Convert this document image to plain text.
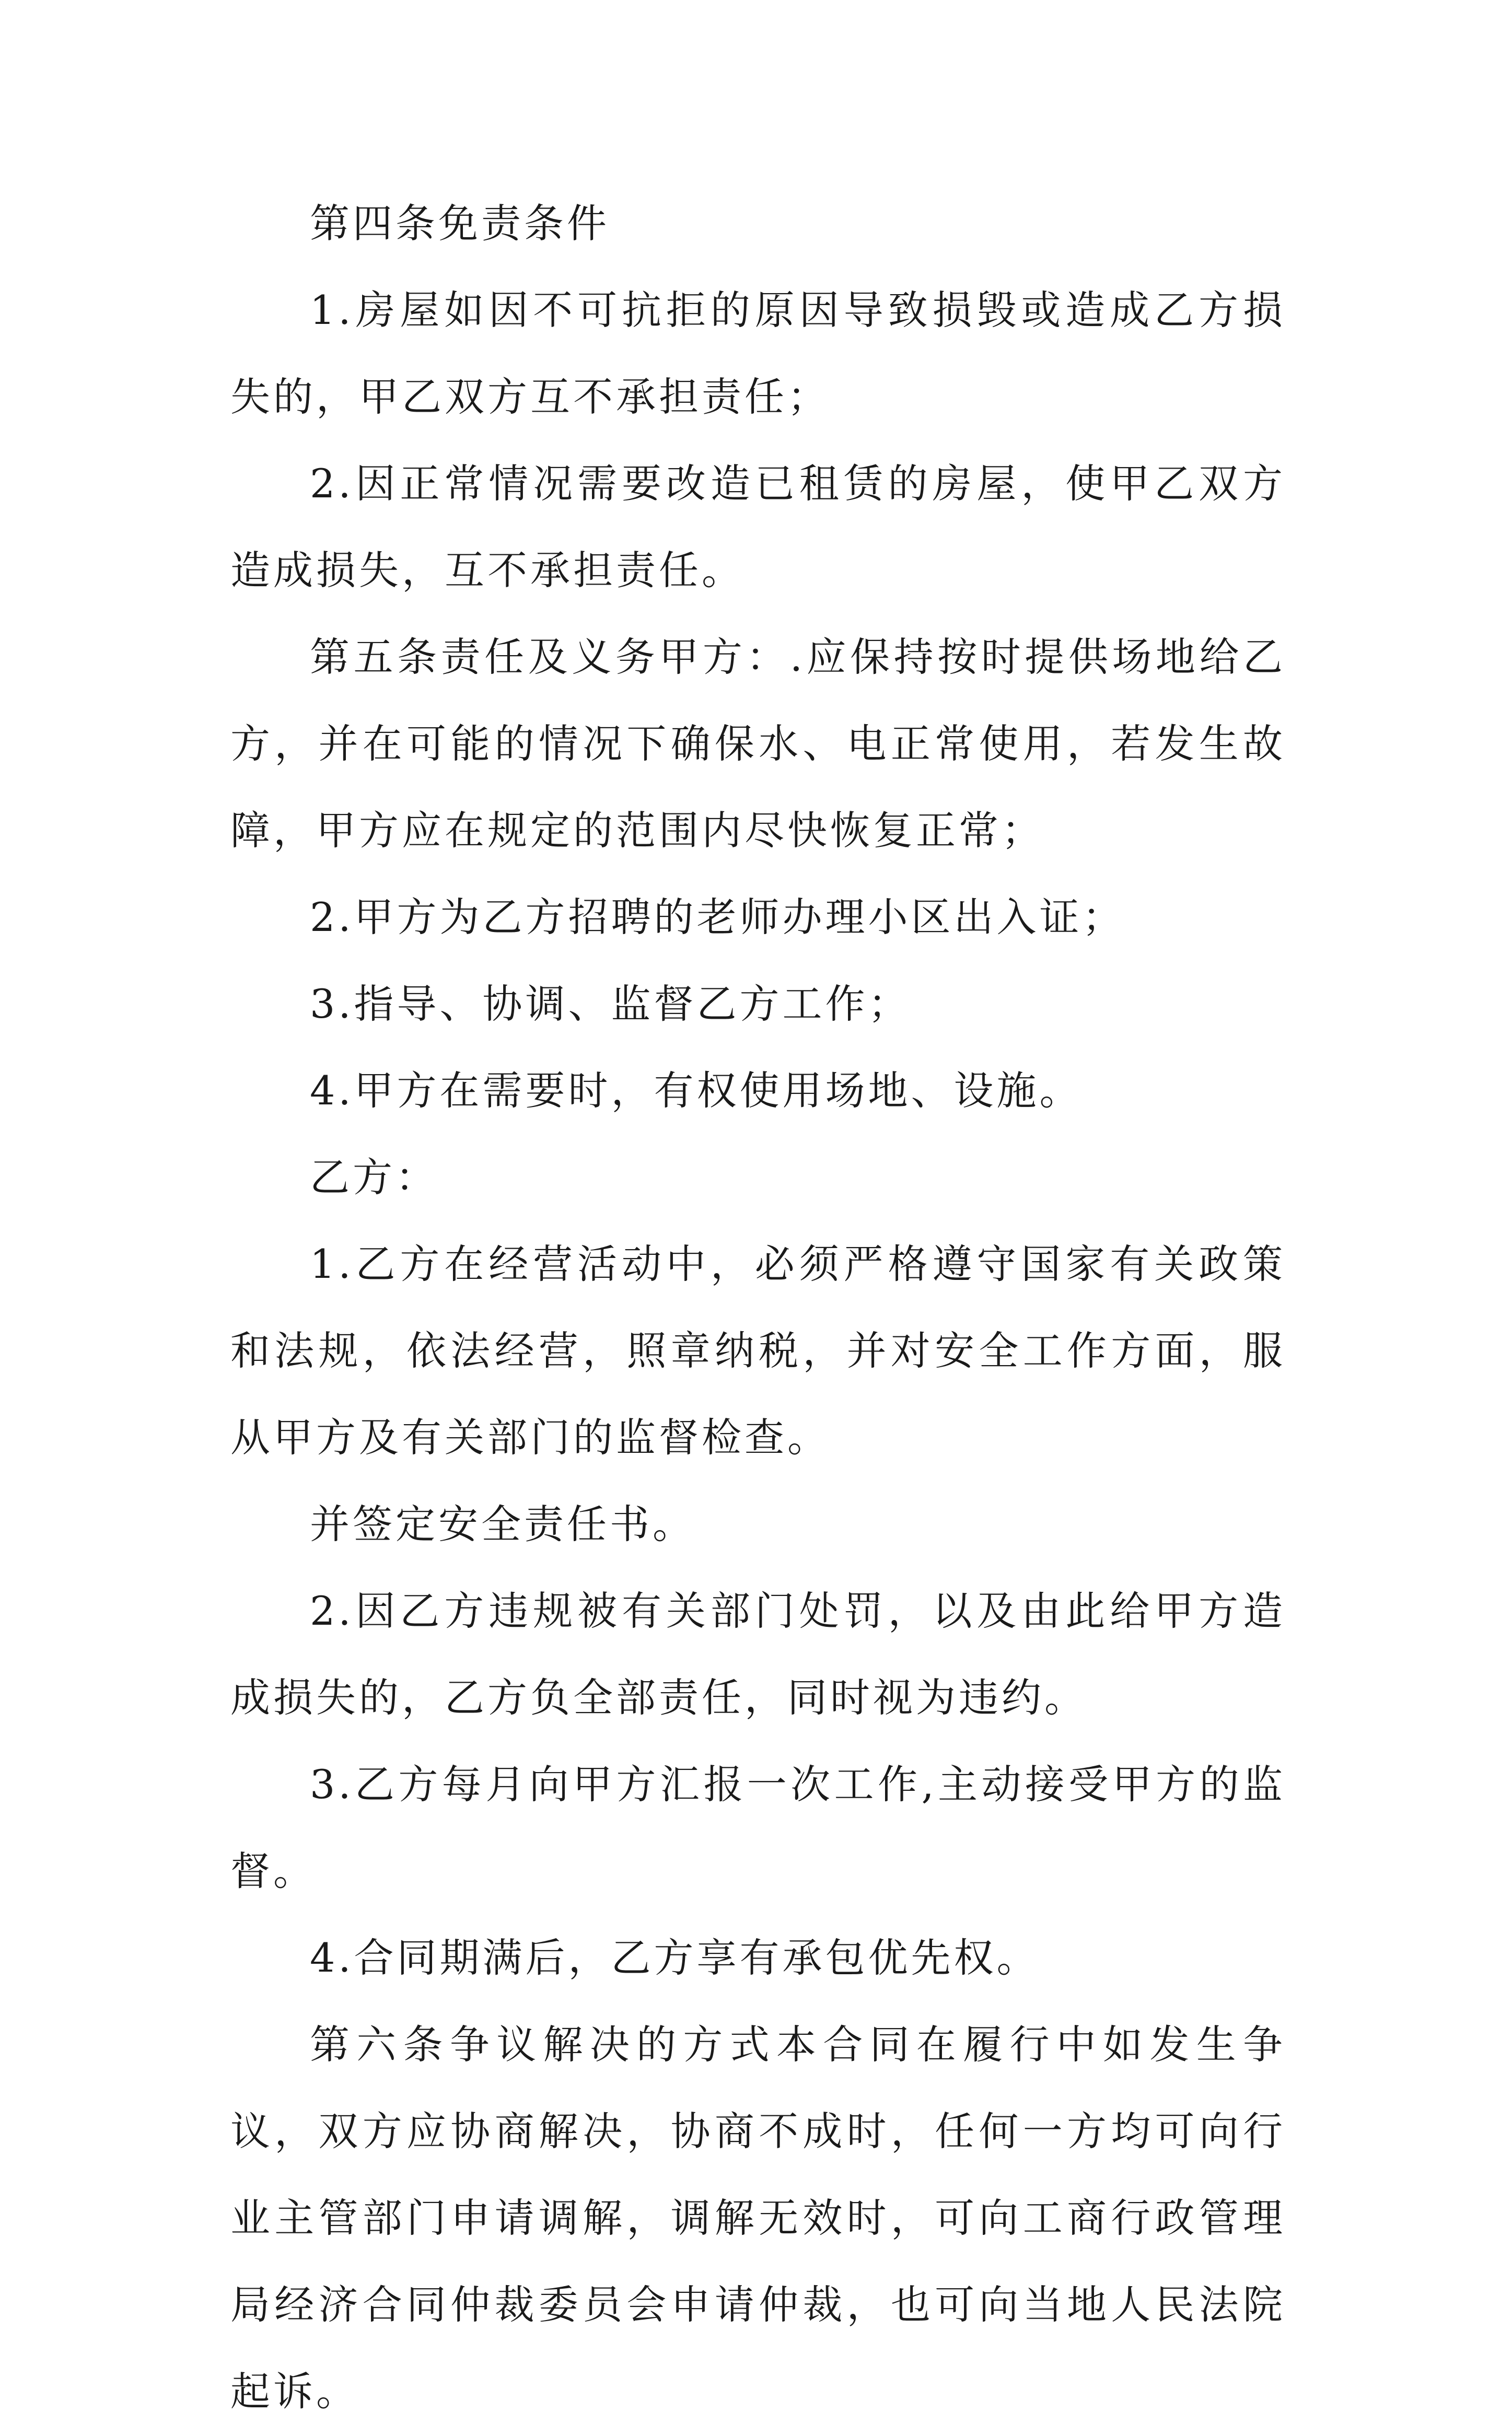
第四条免责条件

1.房屋如因不可抗拒的原因导致损毁或造成乙方损失的，甲乙双方互不承担责任；

2.因正常情况需要改造已租赁的房屋，使甲乙双方造成损失，互不承担责任。

第五条责任及义务甲方：.应保持按时提供场地给乙方，并在可能的情况下确保水、电正常使用，若发生故障，甲方应在规定的范围内尽快恢复正常；

2.甲方为乙方招聘的老师办理小区出入证；

3.指导、协调、监督乙方工作；

4.甲方在需要时，有权使用场地、设施。

乙方：

1.乙方在经营活动中，必须严格遵守国家有关政策和法规，依法经营，照章纳税，并对安全工作方面，服从甲方及有关部门的监督检查。

并签定安全责任书。

2.因乙方违规被有关部门处罚，以及由此给甲方造成损失的，乙方负全部责任，同时视为违约。

3.乙方每月向甲方汇报一次工作,主动接受甲方的监督。

4.合同期满后，乙方享有承包优先权。

第六条争议解决的方式本合同在履行中如发生争议，双方应协商解决，协商不成时，任何一方均可向行业主管部门申请调解，调解无效时，可向工商行政管理局经济合同仲裁委员会申请仲裁，也可向当地人民法院起诉。
